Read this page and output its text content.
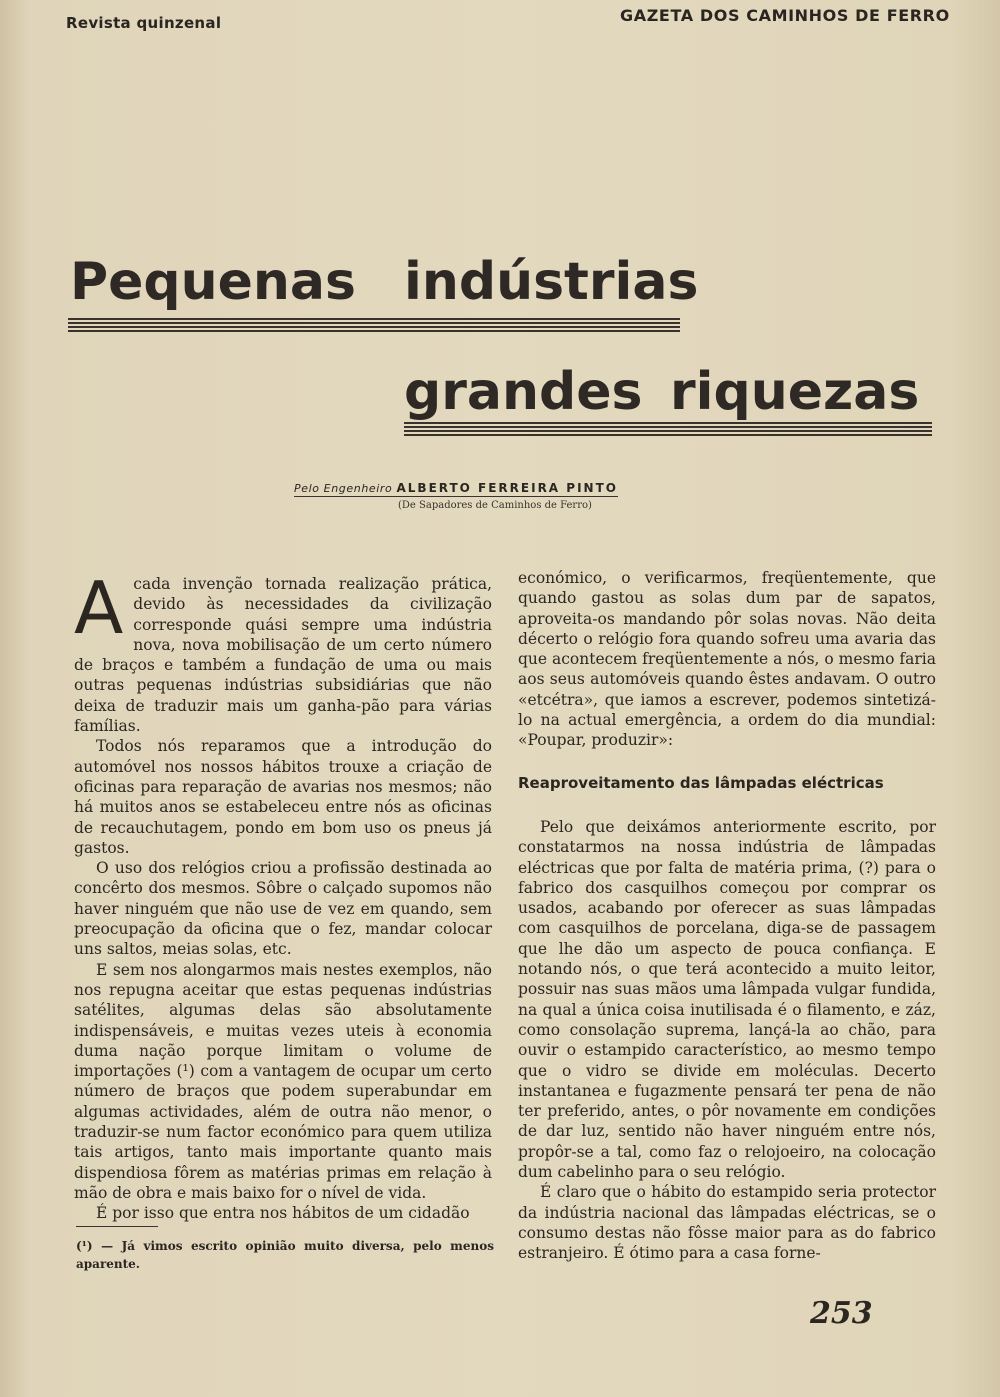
Revista quinzenal	GAZETA DOS CAMINHOS DE FERRO
Pequenas indústrias
grandes riquezas
Pelo Engenheiro ALBERTO FERREIRA PINTO
(De Sapadores de Caminhos de Ferro)

A cada invenção tornada realização prática, devido às necessidades da civilização corresponde quási sempre uma indústria nova, nova mobilisação de um certo número de braços e também a fundação de uma ou mais outras pequenas indústrias subsidiárias que não deixa de traduzir mais um ganha-pão para várias famílias.

Todos nós reparamos que a introdução do automóvel nos nossos hábitos trouxe a criação de oficinas para reparação de avarias nos mesmos; não há muitos anos se estabeleceu entre nós as oficinas de recauchutagem, pondo em bom uso os pneus já gastos.

O uso dos relógios criou a profissão destinada ao concêrto dos mesmos. Sôbre o calçado supomos não haver ninguém que não use de vez em quando, sem preocupação da oficina que o fez, mandar colocar uns saltos, meias solas, etc.

E sem nos alongarmos mais nestes exemplos, não nos repugna aceitar que estas pequenas indústrias satélites, algumas delas são absolutamente indispensáveis, e muitas vezes uteis à economia duma nação porque limitam o volume de importações (¹) com a vantagem de ocupar um certo número de braços que podem superabundar em algumas actividades, além de outra não menor, o traduzir-se num factor económico para quem utiliza tais artigos, tanto mais importante quanto mais dispendiosa fôrem as matérias primas em relação à mão de obra e mais baixo for o nível de vida.

É por isso que entra nos hábitos de um cidadão

económico, o verificarmos, freqüentemente, que quando gastou as solas dum par de sapatos, aproveita-os mandando pôr solas novas. Não deita décerto o relógio fora quando sofreu uma avaria das que acontecem freqüentemente a nós, o mesmo faria aos seus automóveis quando êstes andavam. O outro «etcétra», que iamos a escrever, podemos sintetizá-lo na actual emergência, a ordem do dia mundial: «Poupar, produzir»:

Reaproveitamento das lâmpadas eléctricas

Pelo que deixámos anteriormente escrito, por constatarmos na nossa indústria de lâmpadas eléctricas que por falta de matéria prima, (?) para o fabrico dos casquilhos começou por comprar os usados, acabando por oferecer as suas lâmpadas com casquilhos de porcelana, diga-se de passagem que lhe dão um aspecto de pouca confiança. E notando nós, o que terá acontecido a muito leitor, possuir nas suas mãos uma lâmpada vulgar fundida, na qual a única coisa inutilisada é o filamento, e záz, como consolação suprema, lançá-la ao chão, para ouvir o estampido característico, ao mesmo tempo que o vidro se divide em moléculas. Decerto instantanea e fugazmente pensará ter pena de não ter preferido, antes, o pôr novamente em condições de dar luz, sentido não haver ninguém entre nós, propôr-se a tal, como faz o relojoeiro, na colocação dum cabelinho para o seu relógio.

É claro que o hábito do estampido seria protector da indústria nacional das lâmpadas eléctricas, se o consumo destas não fôsse maior para as do fabrico estranjeiro. É ótimo para a casa forne-

(¹) — Já vimos escrito opinião muito diversa, pelo menos aparente.
253
